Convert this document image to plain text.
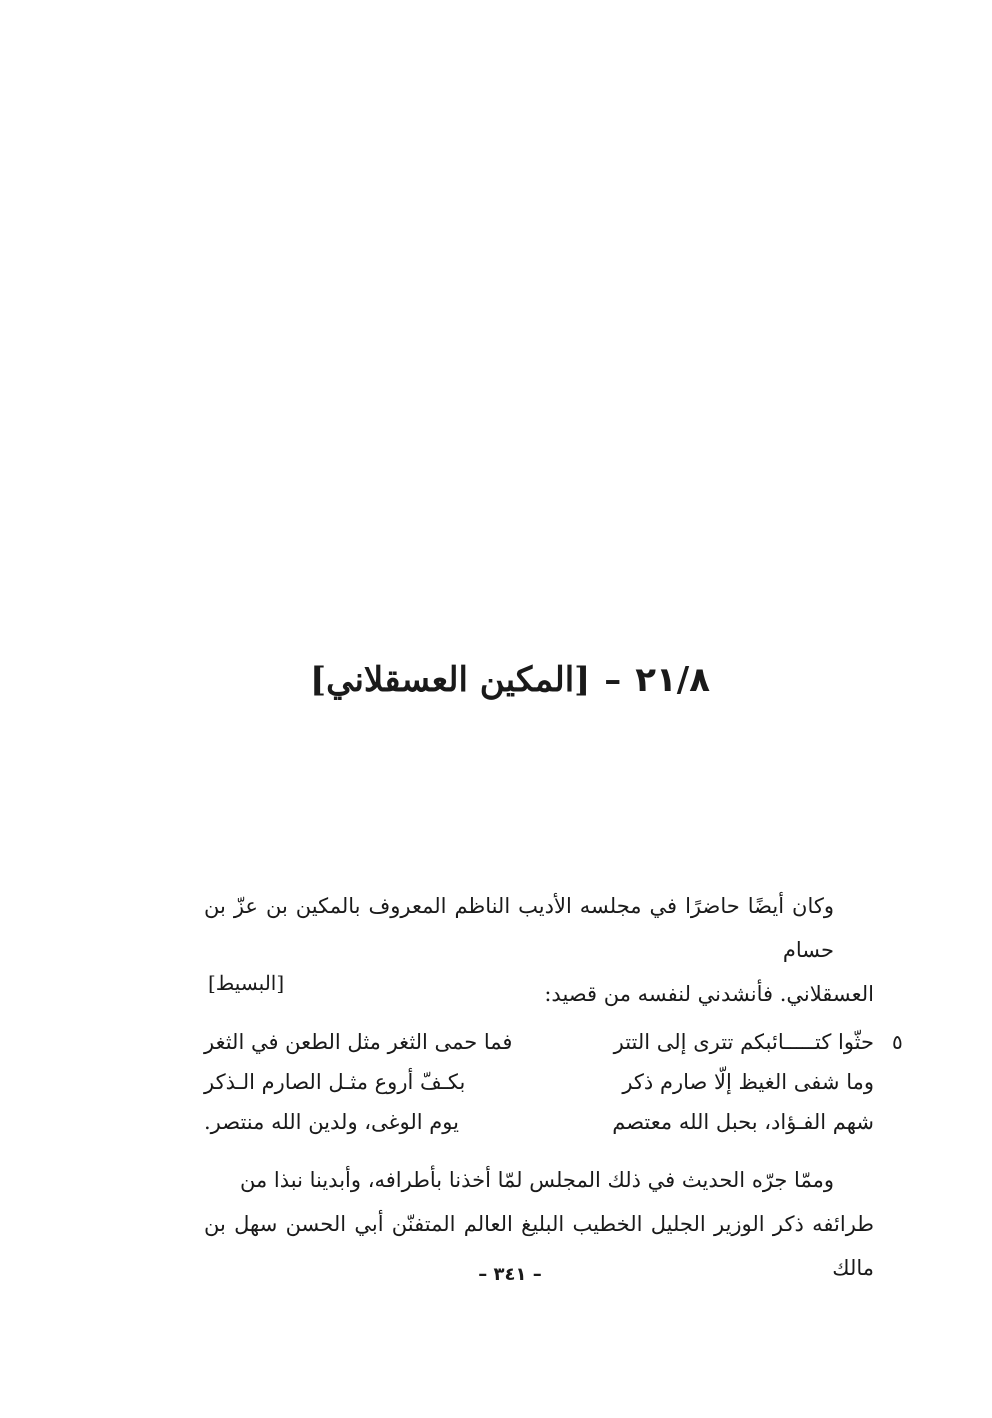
٢١/٨–[المكين العسقلاني]
وكان أيضًا حاضرًا في مجلسه الأديب الناظم المعروف بالمكين بن عزّ بن حسام
العسقلاني. فأنشدني لنفسه من قصيد:
[البسيط]
٥
حثّوا كتـــــائبكم تترى إلى التتر
فما حمى الثغر مثل الطعن في الثغر
وما شفى الغيظ إلّا صارم ذكر
بكـفّ أروع مثـل الصارم الـذكر
شهم الفـؤاد، بحبل الله معتصم
يوم الوغى، ولدين الله منتصر.
وممّا جرّه الحديث في ذلك المجلس لمّا أخذنا بأطرافه، وأبدينا نبذا من
طرائفه ذكر الوزير الجليل الخطيب البليغ العالم المتفنّن أبي الحسن سهل بن مالك
– ٣٤١ –
